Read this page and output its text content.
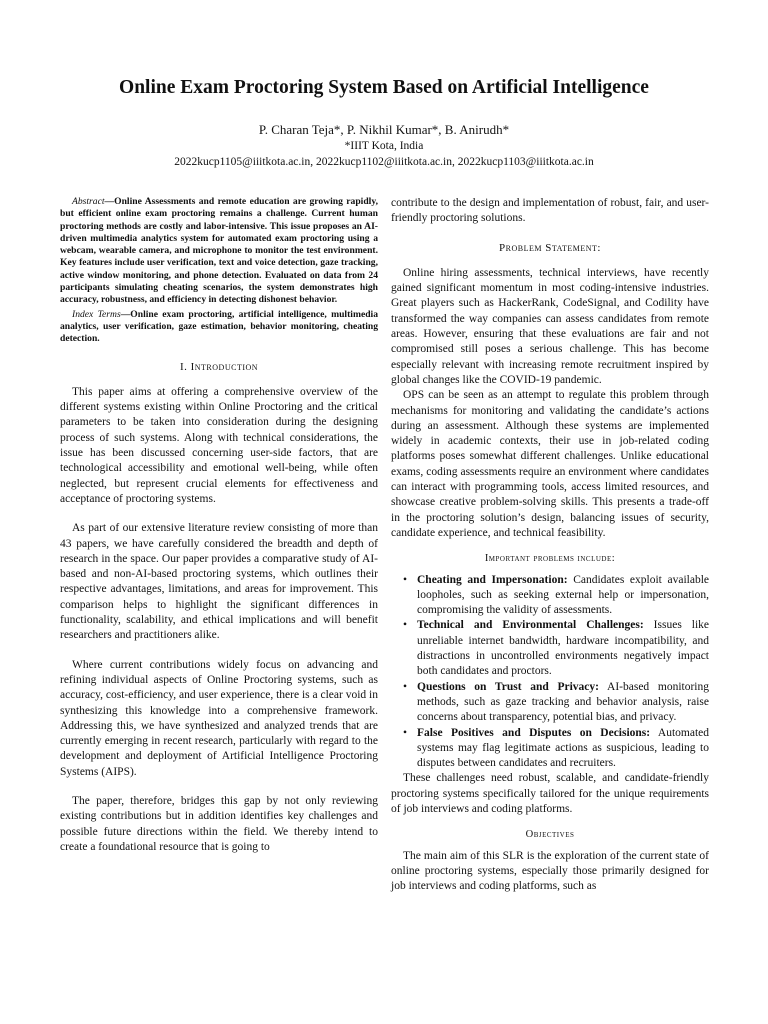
Online Exam Proctoring System Based on Artificial Intelligence
P. Charan Teja*, P. Nikhil Kumar*, B. Anirudh*
*IIIT Kota, India
2022kucp1105@iiitkota.ac.in, 2022kucp1102@iiitkota.ac.in, 2022kucp1103@iiitkota.ac.in

Abstract—Online Assessments and remote education are growing rapidly, but efficient online exam proctoring remains a challenge. Current human proctoring methods are costly and labor-intensive. This issue proposes an AI-driven multimedia analytics system for automated exam proctoring using a webcam, wearable camera, and microphone to monitor the test environment. Key features include user verification, text and voice detection, gaze tracking, active window monitoring, and phone detection. Evaluated on data from 24 participants simulating cheating scenarios, the system demonstrates high accuracy, robustness, and efficiency in detecting dishonest behavior.

Index Terms—Online exam proctoring, artificial intelligence, multimedia analytics, user verification, gaze estimation, behavior monitoring, cheating detection.

I. Introduction

This paper aims at offering a comprehensive overview of the different systems existing within Online Proctoring and the critical parameters to be taken into consideration during the designing process of such systems. Along with technical considerations, the issue has been discussed concerning user-side factors, that are technological accessibility and emotional well-being, while often neglected, but represent crucial elements for effectiveness and acceptance of proctoring systems.

As part of our extensive literature review consisting of more than 43 papers, we have carefully considered the breadth and depth of research in the space. Our paper provides a comparative study of AI-based and non-AI-based proctoring systems, which outlines their respective advantages, limitations, and areas for improvement. This comparison helps to highlight the significant differences in functionality, scalability, and ethical implications and will benefit researchers and practitioners alike.

Where current contributions widely focus on advancing and refining individual aspects of Online Proctoring systems, such as accuracy, cost-efficiency, and user experience, there is a clear void in synthesizing this knowledge into a comprehensive framework. Addressing this, we have synthesized and analyzed trends that are currently emerging in recent research, particularly with regard to the development and deployment of Artificial Intelligence Proctoring Systems (AIPS).

The paper, therefore, bridges this gap by not only reviewing existing contributions but in addition identifies key challenges and possible future directions within the field. We thereby intend to create a foundational resource that is going to

contribute to the design and implementation of robust, fair, and user-friendly proctoring solutions.

Problem Statement:

Online hiring assessments, technical interviews, have recently gained significant momentum in most coding-intensive industries. Great players such as HackerRank, CodeSignal, and Codility have transformed the way companies can assess candidates from remote areas. However, ensuring that these evaluations are fair and not compromised still poses a serious challenge. This has become especially relevant with increasing remote recruitment inspired by global changes like the COVID-19 pandemic.

OPS can be seen as an attempt to regulate this problem through mechanisms for monitoring and validating the candidate’s actions during an assessment. Although these systems are implemented widely in academic contexts, their use in job-related coding platforms poses somewhat different challenges. Unlike educational exams, coding assessments require an environment where candidates can interact with programming tools, access limited resources, and showcase creative problem-solving skills. This presents a trade-off in the proctoring solution’s design, balancing issues of security, candidate experience, and technical feasibility.

Important problems include:
• Cheating and Impersonation: Candidates exploit available loopholes, such as seeking external help or impersonation, compromising the validity of assessments.
• Technical and Environmental Challenges: Issues like unreliable internet bandwidth, hardware incompatibility, and distractions in uncontrolled environments negatively impact both candidates and proctors.
• Questions on Trust and Privacy: AI-based monitoring methods, such as gaze tracking and behavior analysis, raise concerns about transparency, potential bias, and privacy.
• False Positives and Disputes on Decisions: Automated systems may flag legitimate actions as suspicious, leading to disputes between candidates and recruiters.

These challenges need robust, scalable, and candidate-friendly proctoring systems specifically tailored for the unique requirements of job interviews and coding platforms.

Objectives

The main aim of this SLR is the exploration of the current state of online proctoring systems, especially those primarily designed for job interviews and coding platforms, such as
